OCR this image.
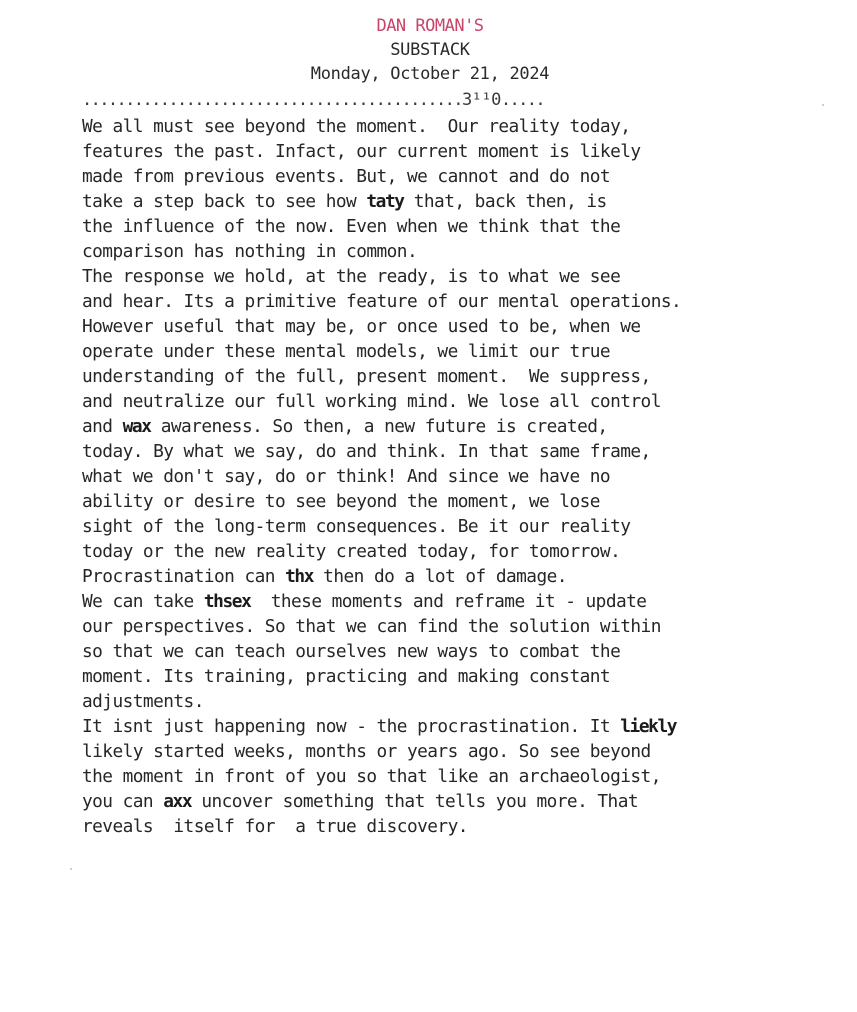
DAN ROMAN'S
SUBSTACK
Monday, October 21, 2024
............................................3¹¹0.....
We all must see beyond the moment.  Our reality today,
features the past. Infact, our current moment is likely
made from previous events. But, we cannot and do not
take a step back to see how taty that, back then, is
the influence of the now. Even when we think that the
comparison has nothing in common.
The response we hold, at the ready, is to what we see
and hear. Its a primitive feature of our mental operations.
However useful that may be, or once used to be, when we
operate under these mental models, we limit our true
understanding of the full, present moment.  We suppress,
and neutralize our full working mind. We lose all control
and wax awareness. So then, a new future is created,
today. By what we say, do and think. In that same frame,
what we don't say, do or think! And since we have no
ability or desire to see beyond the moment, we lose
sight of the long-term consequences. Be it our reality
today or the new reality created today, for tomorrow.
Procrastination can thx then do a lot of damage.
We can take thsex  these moments and reframe it - update
our perspectives. So that we can find the solution within
so that we can teach ourselves new ways to combat the
moment. Its training, practicing and making constant
adjustments.
It isnt just happening now - the procrastination. It liekly
likely started weeks, months or years ago. So see beyond
the moment in front of you so that like an archaeologist,
you can axx uncover something that tells you more. That
reveals  itself for  a true discovery.
